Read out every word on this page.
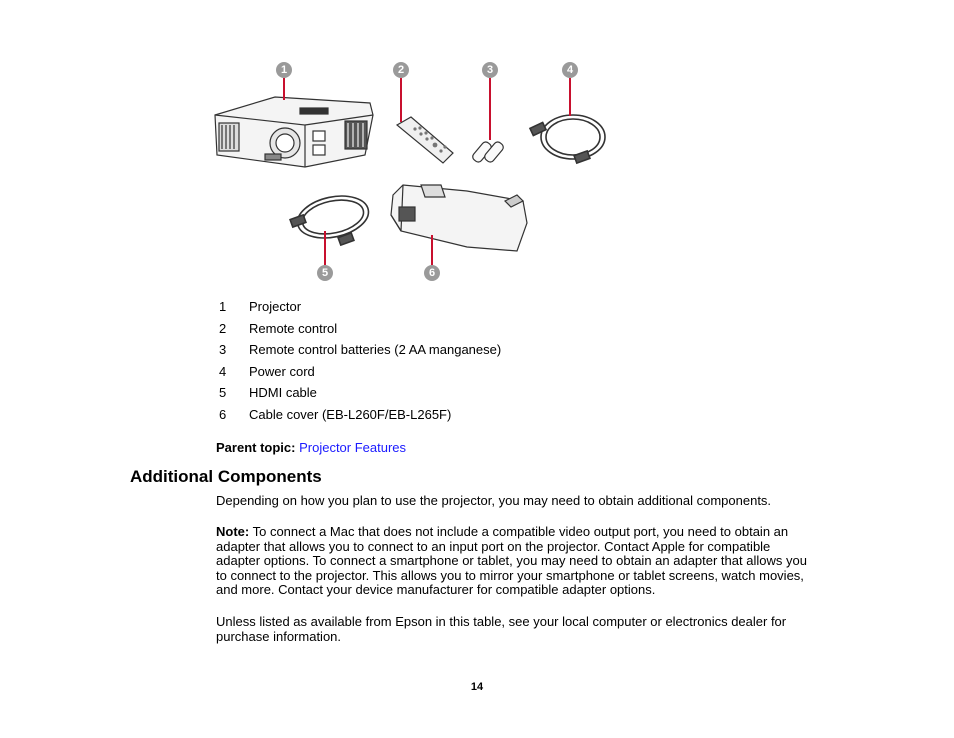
1	2	3	4
5	6
1 Projector
2 Remote control
3 Remote control batteries (2 AA manganese)
4 Power cord
5 HDMI cable
6 Cable cover (EB-L260F/EB-L265F)
Parent topic: Projector Features
Additional Components

Depending on how you plan to use the projector, you may need to obtain additional components.

Note: To connect a Mac that does not include a compatible video output port, you need to obtain an adapter that allows you to connect to an input port on the projector. Contact Apple for compatible adapter options. To connect a smartphone or tablet, you may need to obtain an adapter that allows you to connect to the projector. This allows you to mirror your smartphone or tablet screens, watch movies, and more. Contact your device manufacturer for compatible adapter options.

Unless listed as available from Epson in this table, see your local computer or electronics dealer for purchase information.

14
